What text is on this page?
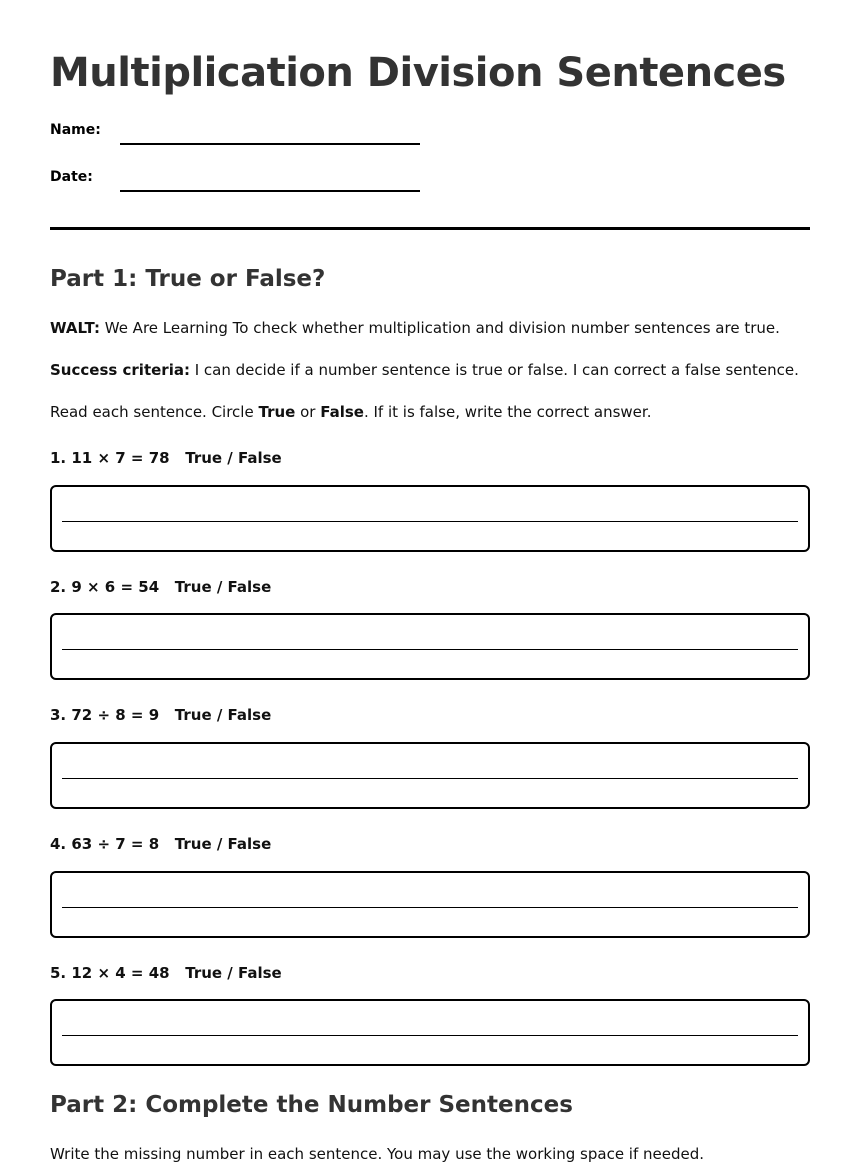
Multiplication Division Sentences
Name:
Date:
Part 1: True or False?
WALT: We Are Learning To check whether multiplication and division number sentences are true.
Success criteria: I can decide if a number sentence is true or false. I can correct a false sentence.
Read each sentence. Circle True or False. If it is false, write the correct answer.
1. 11 × 7 = 78   True / False
2. 9 × 6 = 54   True / False
3. 72 ÷ 8 = 9   True / False
4. 63 ÷ 7 = 8   True / False
5. 12 × 4 = 48   True / False
Part 2: Complete the Number Sentences
Write the missing number in each sentence. You may use the working space if needed.
